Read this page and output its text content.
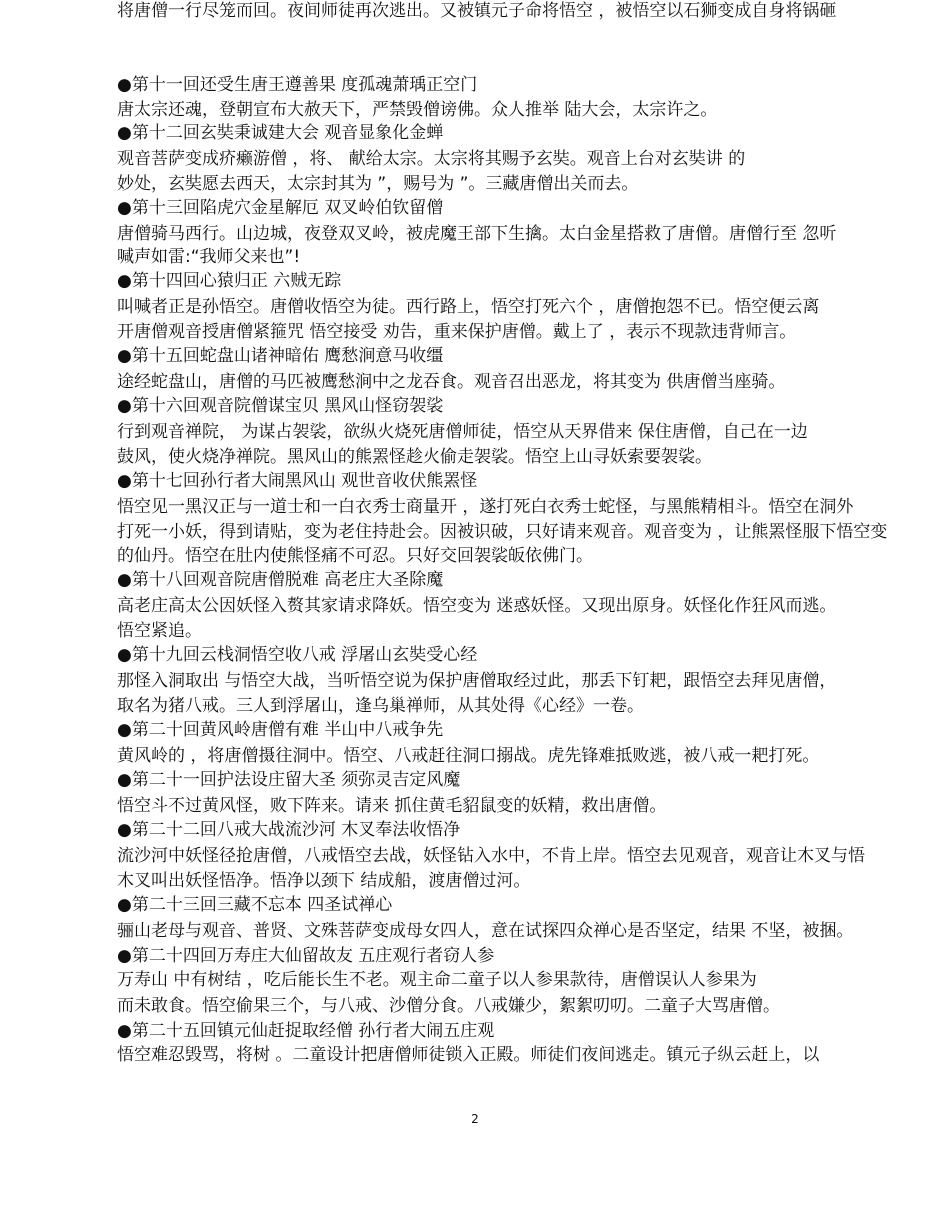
●第十一回还受生唐王遵善果 度孤魂萧瑀正空门
唐太宗还魂，登朝宣布大赦天下，严禁毁僧谤佛。众人推举 陆大会，太宗许之。
●第十二回玄奘秉诚建大会 观音显象化金蝉
观音菩萨变成疥癞游僧 ，将、 献给太宗。太宗将其赐予玄奘。观音上台对玄奘讲 的
妙处，玄奘愿去西天，太宗封其为 ”，赐号为 ”。三藏唐僧出关而去。
●第十三回陷虎穴金星解厄 双叉岭伯钦留僧
唐僧骑马西行。山边城，夜登双叉岭，被虎魔王部下生擒。太白金星搭救了唐僧。唐僧行至 忽听
喊声如雷:“我师父来也”!
●第十四回心猿归正 六贼无踪
叫喊者正是孙悟空。唐僧收悟空为徒。西行路上，悟空打死六个 ，唐僧抱怨不已。悟空便云离
开唐僧观音授唐僧紧箍咒 悟空接受 劝告，重来保护唐僧。戴上了 ，表示不现款违背师言。
●第十五回蛇盘山诸神暗佑 鹰愁涧意马收缰
途经蛇盘山，唐僧的马匹被鹰愁涧中之龙吞食。观音召出恶龙，将其变为 供唐僧当座骑。
●第十六回观音院僧谋宝贝 黑风山怪窃袈裟
行到观音禅院， 为谋占袈裟，欲纵火烧死唐僧师徒，悟空从天界借来 保住唐僧，自己在一边
鼓风，使火烧净禅院。黑风山的熊罴怪趁火偷走袈裟。悟空上山寻妖索要袈裟。
●第十七回孙行者大闹黑风山 观世音收伏熊罴怪
悟空见一黑汉正与一道士和一白衣秀士商量开 ，遂打死白衣秀士蛇怪，与黑熊精相斗。悟空在洞外
打死一小妖，得到请贴，变为老住持赴会。因被识破，只好请来观音。观音变为 ，让熊罴怪服下悟空变
的仙丹。悟空在肚内使熊怪痛不可忍。只好交回袈裟皈依佛门。
●第十八回观音院唐僧脱难 高老庄大圣除魔
高老庄高太公因妖怪入赘其家请求降妖。悟空变为 迷惑妖怪。又现出原身。妖怪化作狂风而逃。
悟空紧追。
●第十九回云栈洞悟空收八戒 浮屠山玄奘受心经
那怪入洞取出 与悟空大战，当听悟空说为保护唐僧取经过此，那丢下钉耙，跟悟空去拜见唐僧，
取名为猪八戒。三人到浮屠山，逢乌巢禅师，从其处得《心经》一卷。
●第二十回黄风岭唐僧有难 半山中八戒争先
黄风岭的 ，将唐僧摄往洞中。悟空、八戒赶往洞口搦战。虎先锋难抵败逃，被八戒一耙打死。
●第二十一回护法设庄留大圣 须弥灵吉定风魔
悟空斗不过黄风怪，败下阵来。请来 抓住黄毛貂鼠变的妖精，救出唐僧。
●第二十二回八戒大战流沙河 木叉奉法收悟净
流沙河中妖怪径抢唐僧，八戒悟空去战，妖怪钻入水中，不肯上岸。悟空去见观音，观音让木叉与悟
木叉叫出妖怪悟净。悟净以颈下 结成船，渡唐僧过河。
●第二十三回三藏不忘本 四圣试禅心
骊山老母与观音、普贤、文殊菩萨变成母女四人，意在试探四众禅心是否坚定，结果 不坚，被捆。
●第二十四回万寿庄大仙留故友 五庄观行者窃人参
万寿山 中有树结 ，吃后能长生不老。观主命二童子以人参果款待，唐僧误认人参果为
而未敢食。悟空偷果三个，与八戒、沙僧分食。八戒嫌少，絮絮叨叨。二童子大骂唐僧。
●第二十五回镇元仙赶捉取经僧 孙行者大闹五庄观
悟空难忍毁骂，将树 。二童设计把唐僧师徒锁入正殿。师徒们夜间逃走。镇元子纵云赶上，以
将唐僧一行尽笼而回。夜间师徒再次逃出。又被镇元子命将悟空 ，被悟空以石狮变成自身将锅砸
2
